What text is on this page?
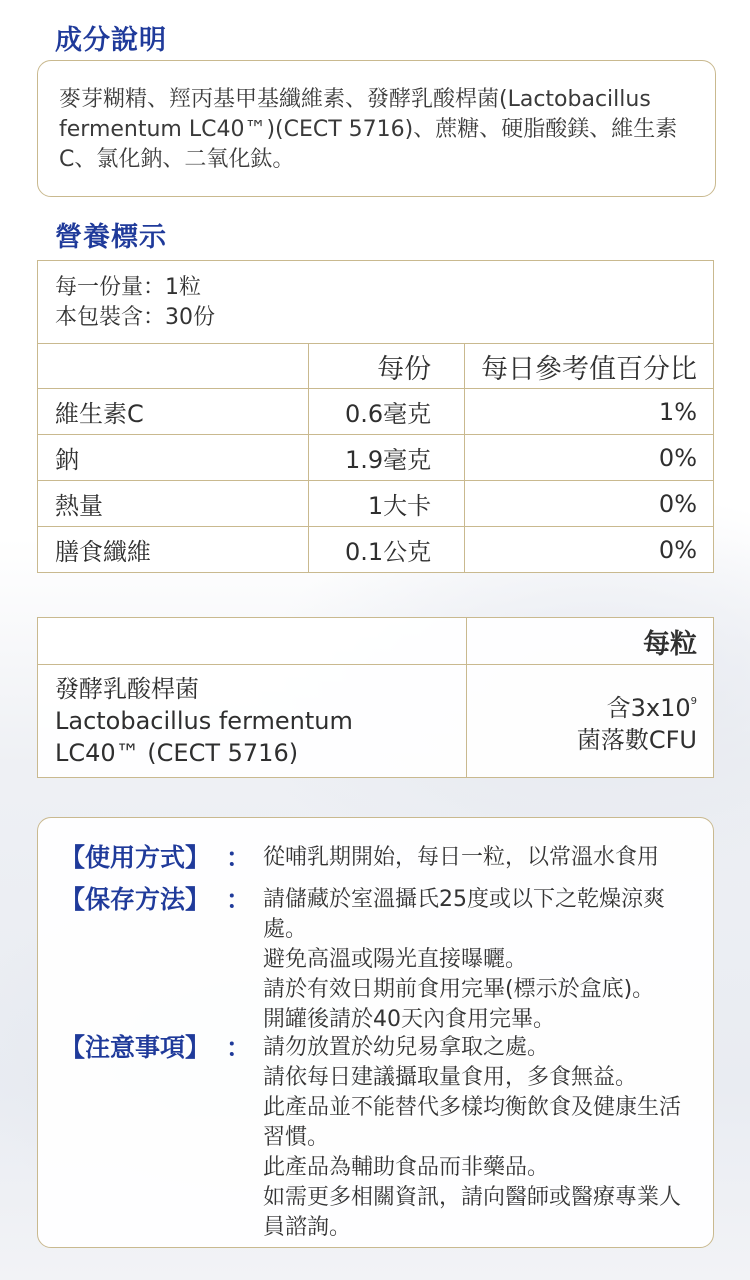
成分說明
麥芽糊精、羥丙基甲基纖維素、發酵乳酸桿菌(Lactobacillus fermentum LC40™)(CECT 5716)、蔗糖、硬脂酸鎂、維生素C、氯化鈉、二氧化鈦。
營養標示
每一份量：1粒
本包裝含：30份
	每份	每日參考值百分比
維生素C	0.6毫克	1%
鈉	1.9毫克	0%
熱量	1大卡	0%
膳食纖維	0.1公克	0%
	每粒

發酵乳酸桿菌
Lactobacillus fermentum
LC40™ (CECT 5716)	含$3x10^9$
菌落數CFU
【使用方式】 ： 從哺乳期開始，每日一粒，以常溫水食用
【保存方法】 ： 請儲藏於室溫攝氏25度或以下之乾燥涼爽處。
避免高溫或陽光直接曝曬。
請於有效日期前食用完畢(標示於盒底)。
開罐後請於40天內食用完畢。
【注意事項】 ： 請勿放置於幼兒易拿取之處。
請依每日建議攝取量食用，多食無益。
此產品並不能替代多樣均衡飲食及健康生活習慣。
此產品為輔助食品而非藥品。
如需更多相關資訊，請向醫師或醫療專業人員諮詢。
